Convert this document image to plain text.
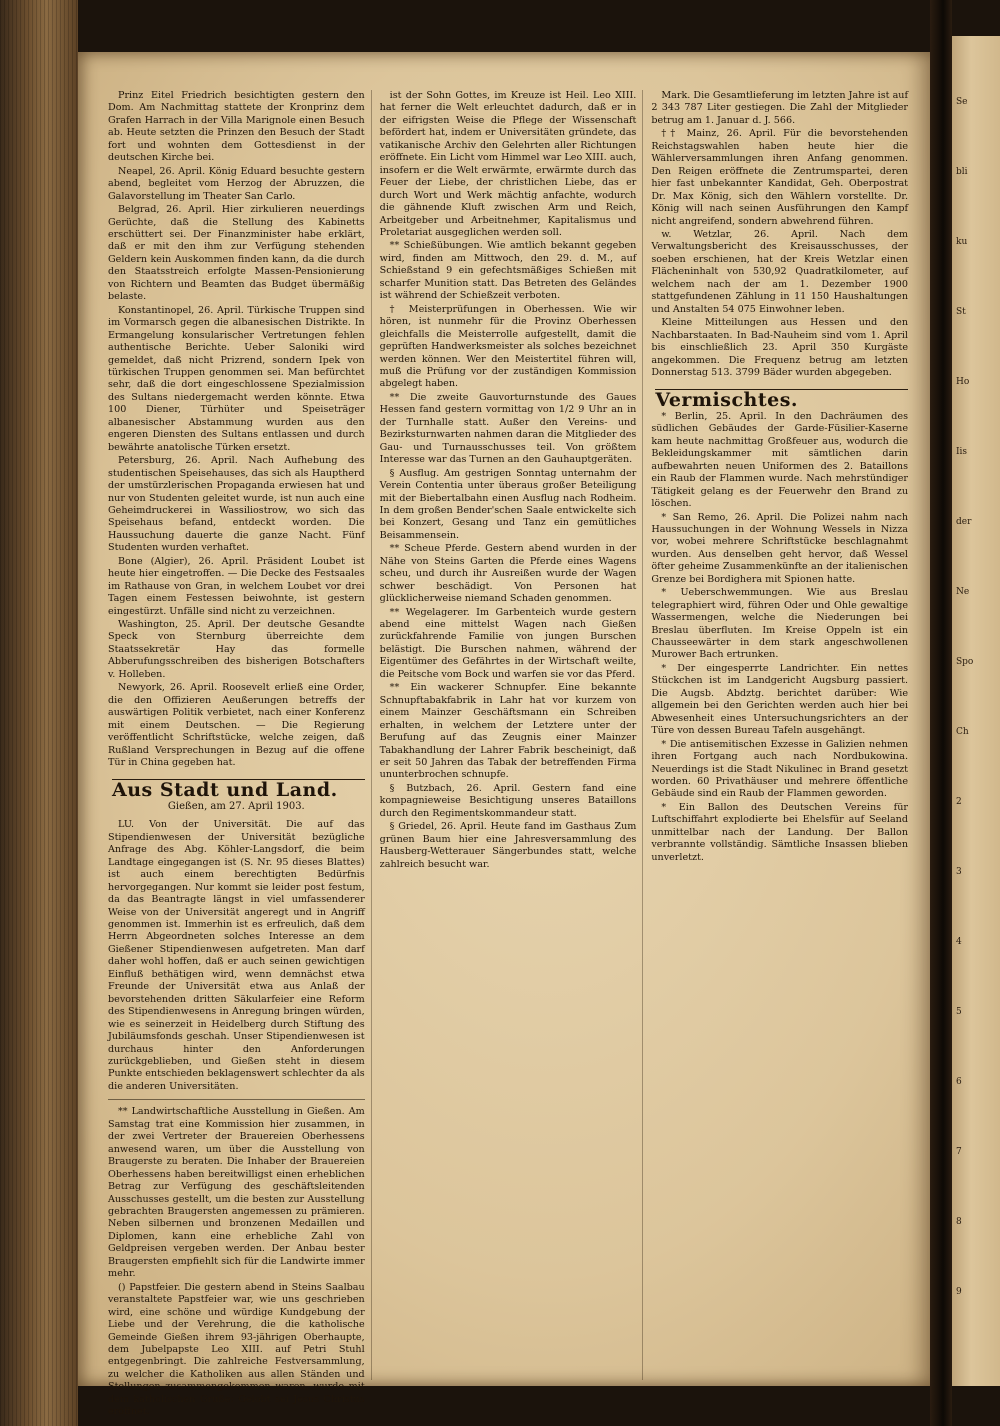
Prinz Eitel Friedrich besichtigten gestern den Dom. Am Nachmittag stattete der Kronprinz dem Grafen Harrach in der Villa Marignole einen Besuch ab. Heute setzten die Prinzen den Besuch der Stadt fort und wohnten dem Gottesdienst in der deutschen Kirche bei.

Neapel, 26. April. König Eduard besuchte gestern abend, begleitet vom Herzog der Abruzzen, die Galavorstellung im Theater San Carlo.

Belgrad, 26. April. Hier zirkulieren neuerdings Gerüchte, daß die Stellung des Kabinetts erschüttert sei. Der Finanzminister habe erklärt, daß er mit den ihm zur Verfügung stehenden Geldern kein Auskommen finden kann, da die durch den Staatsstreich erfolgte Massen-Pensionierung von Richtern und Beamten das Budget übermäßig belaste.

Konstantinopel, 26. April. Türkische Truppen sind im Vormarsch gegen die albanesischen Distrikte. In Ermangelung konsularischer Vertretungen fehlen authentische Berichte. Ueber Saloniki wird gemeldet, daß nicht Prizrend, sondern Ipek von türkischen Truppen genommen sei. Man befürchtet sehr, daß die dort eingeschlossene Spezialmission des Sultans niedergemacht werden könnte. Etwa 100 Diener, Türhüter und Speiseträger albanesischer Abstammung wurden aus den engeren Diensten des Sultans entlassen und durch bewährte anatolische Türken ersetzt.

Petersburg, 26. April. Nach Aufhebung des studentischen Speisehauses, das sich als Hauptherd der umstürzlerischen Propaganda erwiesen hat und nur von Studenten geleitet wurde, ist nun auch eine Geheimdruckerei in Wassiliostrow, wo sich das Speisehaus befand, entdeckt worden. Die Haussuchung dauerte die ganze Nacht. Fünf Studenten wurden verhaftet.

Bone (Algier), 26. April. Präsident Loubet ist heute hier eingetroffen. — Die Decke des Festsaales im Rathause von Gran, in welchem Loubet vor drei Tagen einem Festessen beiwohnte, ist gestern eingestürzt. Unfälle sind nicht zu verzeichnen.

Washington, 25. April. Der deutsche Gesandte Speck von Sternburg überreichte dem Staatssekretär Hay das formelle Abberufungsschreiben des bisherigen Botschafters v. Holleben.

Newyork, 26. April. Roosevelt erließ eine Order, die den Offizieren Aeußerungen betreffs der auswärtigen Politik verbietet, nach einer Konferenz mit einem Deutschen. — Die Regierung veröffentlicht Schriftstücke, welche zeigen, daß Rußland Versprechungen in Bezug auf die offene Tür in China gegeben hat.

Aus Stadt und Land.
Gießen, am 27. April 1903.

LU. Von der Universität. Die auf das Stipendienwesen der Universität bezügliche Anfrage des Abg. Köhler-Langsdorf, die beim Landtage eingegangen ist (S. Nr. 95 dieses Blattes) ist auch einem berechtigten Bedürfnis hervorgegangen. Nur kommt sie leider post festum, da das Beantragte längst in viel umfassenderer Weise von der Universität angeregt und in Angriff genommen ist. Immerhin ist es erfreulich, daß dem Herrn Abgeordneten solches Interesse an dem Gießener Stipendienwesen aufgetreten. Man darf daher wohl hoffen, daß er auch seinen gewichtigen Einfluß bethätigen wird, wenn demnächst etwa Freunde der Universität etwa aus Anlaß der bevorstehenden dritten Säkularfeier eine Reform des Stipendienwesens in Anregung bringen würden, wie es seinerzeit in Heidelberg durch Stiftung des Jubiläumsfonds geschah. Unser Stipendienwesen ist durchaus hinter den Anforderungen zurückgeblieben, und Gießen steht in diesem Punkte entschieden beklagenswert schlechter da als die anderen Universitäten.

** Landwirtschaftliche Ausstellung in Gießen. Am Samstag trat eine Kommission hier zusammen, in der zwei Vertreter der Brauereien Oberhessens anwesend waren, um über die Ausstellung von Braugerste zu beraten. Die Inhaber der Brauereien Oberhessens haben bereitwilligst einen erheblichen Betrag zur Verfügung des geschäftsleitenden Ausschusses gestellt, um die besten zur Ausstellung gebrachten Braugersten angemessen zu prämieren. Neben silbernen und bronzenen Medaillen und Diplomen, kann eine erhebliche Zahl von Geldpreisen vergeben werden. Der Anbau bester Braugersten empfiehlt sich für die Landwirte immer mehr.

() Papstfeier. Die gestern abend in Steins Saalbau veranstaltete Papstfeier war, wie uns geschrieben wird, eine schöne und würdige Kundgebung der Liebe und der Verehrung, die die katholische Gemeinde Gießen ihrem 93-jährigen Oberhaupte, dem Jubelpapste Leo XIII. auf Petri Stuhl entgegenbringt. Die zahlreiche Festversammlung, zu welcher die Katholiken aus allen Ständen und Stellungen zusammengekommen waren, wurde mit dem katholischen Gruße: Gelobt sei Jesus Christus eröffnet.

ist der Sohn Gottes, im Kreuze ist Heil. Leo XIII. hat ferner die Welt erleuchtet dadurch, daß er in der eifrigsten Weise die Pflege der Wissenschaft befördert hat, indem er Universitäten gründete, das vatikanische Archiv den Gelehrten aller Richtungen eröffnete. Ein Licht vom Himmel war Leo XIII. auch, insofern er die Welt erwärmte, erwärmte durch das Feuer der Liebe, der christlichen Liebe, das er durch Wort und Werk mächtig anfachte, wodurch die gähnende Kluft zwischen Arm und Reich, Arbeitgeber und Arbeitnehmer, Kapitalismus und Proletariat ausgeglichen werden soll.

** Schießübungen. Wie amtlich bekannt gegeben wird, finden am Mittwoch, den 29. d. M., auf Schießstand 9 ein gefechtsmäßiges Schießen mit scharfer Munition statt. Das Betreten des Geländes ist während der Schießzeit verboten.

† Meisterprüfungen in Oberhessen. Wie wir hören, ist nunmehr für die Provinz Oberhessen gleichfalls die Meisterrolle aufgestellt, damit die geprüften Handwerksmeister als solches bezeichnet werden können. Wer den Meistertitel führen will, muß die Prüfung vor der zuständigen Kommission abgelegt haben.

** Die zweite Gauvorturnstunde des Gaues Hessen fand gestern vormittag von 1/2 9 Uhr an in der Turnhalle statt. Außer den Vereins- und Bezirksturnwarten nahmen daran die Mitglieder des Gau- und Turnausschusses teil. Von größtem Interesse war das Turnen an den Gauhauptgeräten.

§ Ausflug. Am gestrigen Sonntag unternahm der Verein Contentia unter überaus großer Beteiligung mit der Biebertalbahn einen Ausflug nach Rodheim. In dem großen Bender'schen Saale entwickelte sich bei Konzert, Gesang und Tanz ein gemütliches Beisammensein.

** Scheue Pferde. Gestern abend wurden in der Nähe von Steins Garten die Pferde eines Wagens scheu, und durch ihr Ausreißen wurde der Wagen schwer beschädigt. Von Personen hat glücklicherweise niemand Schaden genommen.

** Wegelagerer. Im Garbenteich wurde gestern abend eine mittelst Wagen nach Gießen zurückfahrende Familie von jungen Burschen belästigt. Die Burschen nahmen, während der Eigentümer des Gefährtes in der Wirtschaft weilte, die Peitsche vom Bock und warfen sie vor das Pferd.

** Ein wackerer Schnupfer. Eine bekannte Schnupftabakfabrik in Lahr hat vor kurzem von einem Mainzer Geschäftsmann ein Schreiben erhalten, in welchem der Letztere unter der Berufung auf das Zeugnis einer Mainzer Tabakhandlung der Lahrer Fabrik bescheinigt, daß er seit 50 Jahren das Tabak der betreffenden Firma ununterbrochen schnupfe.

§ Butzbach, 26. April. Gestern fand eine kompagnieweise Besichtigung unseres Bataillons durch den Regimentskommandeur statt.

§ Griedel, 26. April. Heute fand im Gasthaus Zum grünen Baum hier eine Jahresversammlung des Hausberg-Wetterauer Sängerbundes statt, welche zahlreich besucht war.

Mark. Die Gesamtlieferung im letzten Jahre ist auf 2 343 787 Liter gestiegen. Die Zahl der Mitglieder betrug am 1. Januar d. J. 566.

†† Mainz, 26. April. Für die bevorstehenden Reichstagswahlen haben heute hier die Wählerversammlungen ihren Anfang genommen. Den Reigen eröffnete die Zentrumspartei, deren hier fast unbekannter Kandidat, Geh. Oberpostrat Dr. Max König, sich den Wählern vorstellte. Dr. König will nach seinen Ausführungen den Kampf nicht angreifend, sondern abwehrend führen.

w. Wetzlar, 26. April. Nach dem Verwaltungsbericht des Kreisausschusses, der soeben erschienen, hat der Kreis Wetzlar einen Flächeninhalt von 530,92 Quadratkilometer, auf welchem nach der am 1. Dezember 1900 stattgefundenen Zählung in 11 150 Haushaltungen und Anstalten 54 075 Einwohner leben.

Kleine Mitteilungen aus Hessen und den Nachbarstaaten. In Bad-Nauheim sind vom 1. April bis einschließlich 23. April 350 Kurgäste angekommen. Die Frequenz betrug am letzten Donnerstag 513. 3799 Bäder wurden abgegeben.

Vermischtes.

* Berlin, 25. April. In den Dachräumen des südlichen Gebäudes der Garde-Füsilier-Kaserne kam heute nachmittag Großfeuer aus, wodurch die Bekleidungskammer mit sämtlichen darin aufbewahrten neuen Uniformen des 2. Bataillons ein Raub der Flammen wurde. Nach mehrstündiger Tätigkeit gelang es der Feuerwehr den Brand zu löschen.

* San Remo, 26. April. Die Polizei nahm nach Haussuchungen in der Wohnung Wessels in Nizza vor, wobei mehrere Schriftstücke beschlagnahmt wurden. Aus denselben geht hervor, daß Wessel öfter geheime Zusammenkünfte an der italienischen Grenze bei Bordighera mit Spionen hatte.

* Ueberschwemmungen. Wie aus Breslau telegraphiert wird, führen Oder und Ohle gewaltige Wassermengen, welche die Niederungen bei Breslau überfluten. Im Kreise Oppeln ist ein Chausseewärter in dem stark angeschwollenen Murower Bach ertrunken.

* Der eingesperrte Landrichter. Ein nettes Stückchen ist im Landgericht Augsburg passiert. Die Augsb. Abdztg. berichtet darüber: Wie allgemein bei den Gerichten werden auch hier bei Abwesenheit eines Untersuchungsrichters an der Türe von dessen Bureau Tafeln ausgehängt.

* Die antisemitischen Exzesse in Galizien nehmen ihren Fortgang auch nach Nordbukowina. Neuerdings ist die Stadt Nikulinec in Brand gesetzt worden. 60 Privathäuser und mehrere öffentliche Gebäude sind ein Raub der Flammen geworden.

* Ein Ballon des Deutschen Vereins für Luftschiffahrt explodierte bei Ehelsfür auf Seeland unmittelbar nach der Landung. Der Ballon verbrannte vollständig. Sämtliche Insassen blieben unverletzt.

Se
bli
ku
St
Ho
Iis
der
Ne
Spo
Ch
2
3
4
5
6
7
8
9
